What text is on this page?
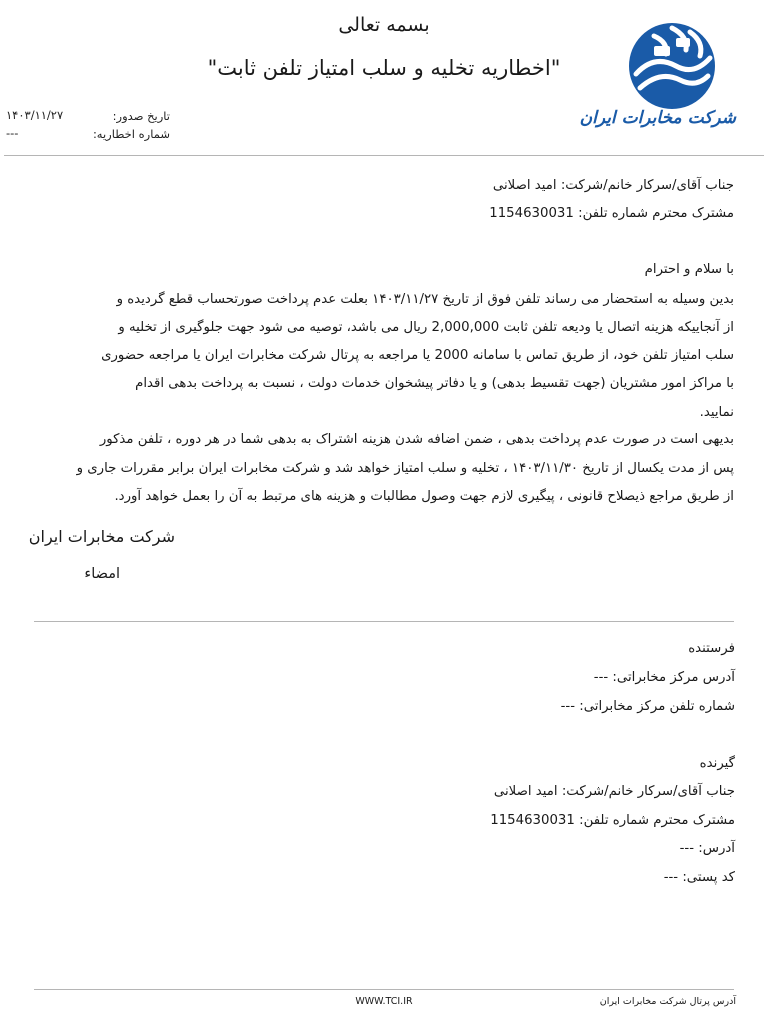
بسمه تعالی
"اخطاریه تخلیه و سلب امتیاز تلفن ثابت"
شرکت مخابرات ایران
تاریخ صدور:
۱۴۰۳/۱۱/۲۷
شماره اخطاریه:
---
جناب آقای/سرکار خانم/شرکت: امید اصلانی
مشترک محترم شماره تلفن: 1154630031
با سلام و احترام
بدین وسیله به استحضار می رساند تلفن فوق از تاریخ ۱۴۰۳/۱۱/۲۷ بعلت عدم پرداخت صورتحساب قطع گردیده و
از آنجاییکه هزینه اتصال یا ودیعه تلفن ثابت 2,000,000 ریال می باشد، توصیه می شود جهت جلوگیری از تخلیه و
سلب امتیاز تلفن خود، از طریق تماس با سامانه 2000 یا مراجعه به پرتال شرکت مخابرات ایران یا مراجعه حضوری
با مراکز امور مشتریان (جهت تقسیط بدهی) و یا دفاتر پیشخوان خدمات دولت ، نسبت به پرداخت بدهی اقدام
نمایید.
بدیهی است در صورت عدم پرداخت بدهی ، ضمن اضافه شدن هزینه اشتراک به بدهی شما در هر دوره ، تلفن مذکور
پس از مدت یکسال از تاریخ ۱۴۰۳/۱۱/۳۰ ، تخلیه و سلب امتیاز خواهد شد و شرکت مخابرات ایران برابر مقررات جاری و
از طریق مراجع ذیصلاح قانونی ، پیگیری لازم جهت وصول مطالبات و هزینه های مرتبط به آن را بعمل خواهد آورد.
شرکت مخابرات ایران
امضاء
فرستنده
آدرس مرکز مخابراتی: ---
شماره تلفن مرکز مخابراتی: ---
گیرنده
جناب آقای/سرکار خانم/شرکت: امید اصلانی
مشترک محترم شماره تلفن: 1154630031
آدرس: ---
کد پستی: ---
WWW.TCI.IR	آدرس پرتال شرکت مخابرات ایران
